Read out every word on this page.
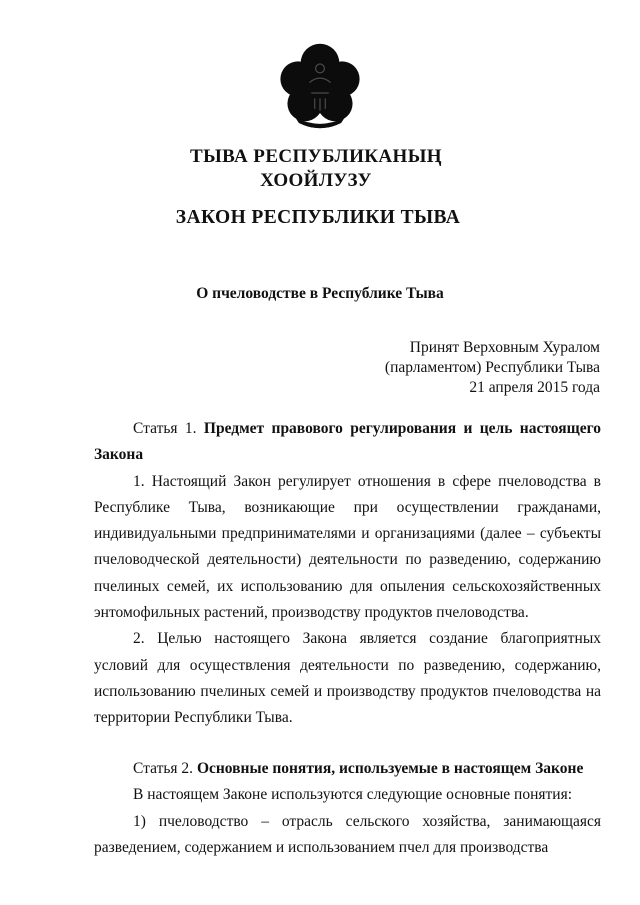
ТЫВА РЕСПУБЛИКАНЫҢ
ХООЙЛУЗУ
ЗАКОН РЕСПУБЛИКИ ТЫВА
О пчеловодстве в Республике Тыва
Принят Верховным Хуралом
(парламентом) Республики Тыва
21 апреля 2015 года

Статья 1. Предмет правового регулирования и цель настоящего Закона

1. Настоящий Закон регулирует отношения в сфере пчеловодства в Республике Тыва, возникающие при осуществлении гражданами, индивидуальными предпринимателями и организациями (далее – субъекты пчеловодческой деятельности) деятельности по разведению, содержанию пчелиных семей, их использованию для опыления сельскохозяйственных энтомофильных растений, производству продуктов пчеловодства.

2. Целью настоящего Закона является создание благоприятных условий для осуществления деятельности по разведению, содержанию, использованию пчелиных семей и производству продуктов пчеловодства на территории Республики Тыва.

Статья 2. Основные понятия, используемые в настоящем Законе

В настоящем Законе используются следующие основные понятия:

1) пчеловодство – отрасль сельского хозяйства, занимающаяся разведением, содержанием и использованием пчел для производства
